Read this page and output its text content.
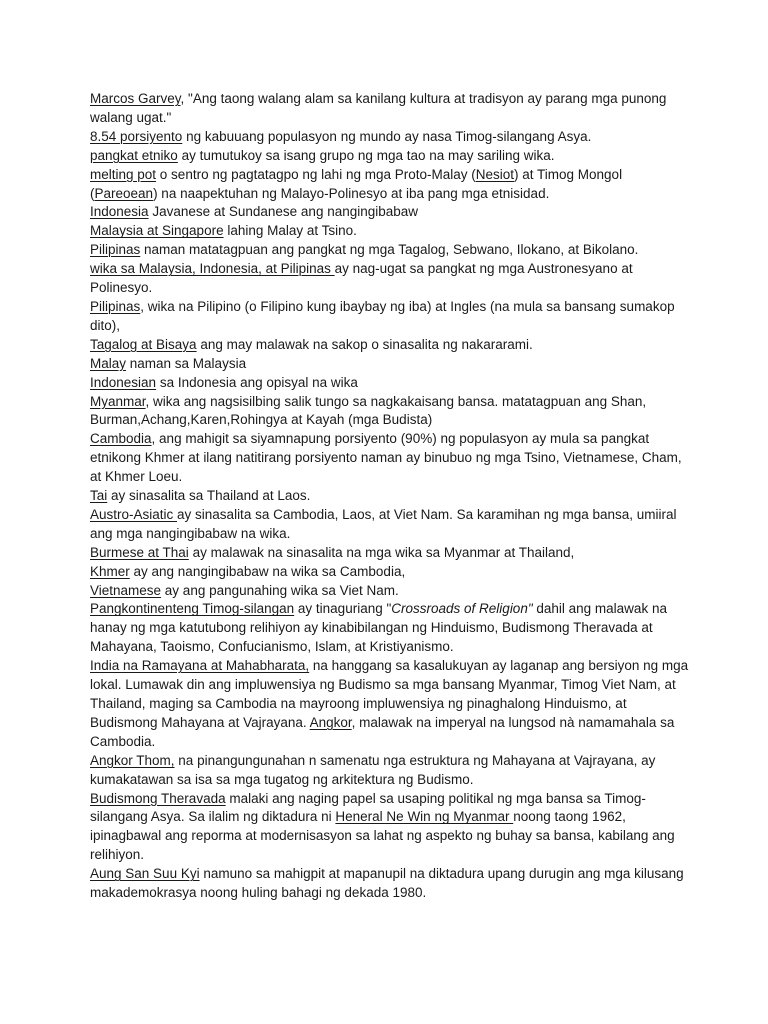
Marcos Garvey, "Ang taong walang alam sa kanilang kultura at tradisyon ay parang mga punong walang ugat."

8.54 porsiyento ng kabuuang populasyon ng mundo ay nasa Timog-silangang Asya.

pangkat etniko ay tumutukoy sa isang grupo ng mga tao na may sariling wika.

melting pot o sentro ng pagtatagpo ng lahi ng mga Proto-Malay (Nesiot) at Timog Mongol (Pareoean) na naapektuhan ng Malayo-Polinesyo at iba pang mga etnisidad.

Indonesia Javanese at Sundanese ang nangingibabaw

Malaysia at Singapore lahing Malay at Tsino.

Pilipinas naman matatagpuan ang pangkat ng mga Tagalog, Sebwano, Ilokano, at Bikolano.

wika sa Malaysia, Indonesia, at Pilipinas ay nag-ugat sa pangkat ng mga Austronesyano at Polinesyo.

Pilipinas, wika na Pilipino (o Filipino kung ibaybay ng iba) at Ingles (na mula sa bansang sumakop dito),

Tagalog at Bisaya ang may malawak na sakop o sinasalita ng nakararami.

Malay naman sa Malaysia

Indonesian sa Indonesia ang opisyal na wika

Myanmar, wika ang nagsisilbing salik tungo sa nagkakaisang bansa. matatagpuan ang Shan, Burman,Achang,Karen,Rohingya at Kayah (mga Budista)

Cambodia, ang mahigit sa siyamnapung porsiyento (90%) ng populasyon ay mula sa pangkat etnikong Khmer at ilang natitirang porsiyento naman ay binubuo ng mga Tsino, Vietnamese, Cham, at Khmer Loeu.

Tai ay sinasalita sa Thailand at Laos.

Austro-Asiatic ay sinasalita sa Cambodia, Laos, at Viet Nam. Sa karamihan ng mga bansa, umiiral ang mga nangingibabaw na wika.

Burmese at Thai ay malawak na sinasalita na mga wika sa Myanmar at Thailand,

Khmer ay ang nangingibabaw na wika sa Cambodia,

Vietnamese ay ang pangunahing wika sa Viet Nam.

Pangkontinenteng Timog-silangan ay tinaguriang "Crossroads of Religion" dahil ang malawak na hanay ng mga katutubong relihiyon ay kinabibilangan ng Hinduismo, Budismong Theravada at Mahayana, Taoismo, Confucianismo, Islam, at Kristiyanismo.

India na Ramayana at Mahabharata, na hanggang sa kasalukuyan ay laganap ang bersiyon ng mga lokal. Lumawak din ang impluwensiya ng Budismo sa mga bansang Myanmar, Timog Viet Nam, at Thailand, maging sa Cambodia na mayroong impluwensiya ng pinaghalong Hinduismo, at Budismong Mahayana at Vajrayana. Angkor, malawak na imperyal na lungsod nà namamahala sa Cambodia.

Angkor Thom, na pinangungunahan n samenatu nga estruktura ng Mahayana at Vajrayana, ay kumakatawan sa isa sa mga tugatog ng arkitektura ng Budismo.

Budismong Theravada malaki ang naging papel sa usaping politikal ng mga bansa sa Timog-silangang Asya. Sa ilalim ng diktadura ni Heneral Ne Win ng Myanmar noong taong 1962, ipinagbawal ang reporma at modernisasyon sa lahat ng aspekto ng buhay sa bansa, kabilang ang relihiyon.

Aung San Suu Kyi namuno sa mahigpit at mapanupil na diktadura upang durugin ang mga kilusang makademokrasya noong huling bahagi ng dekada 1980.
